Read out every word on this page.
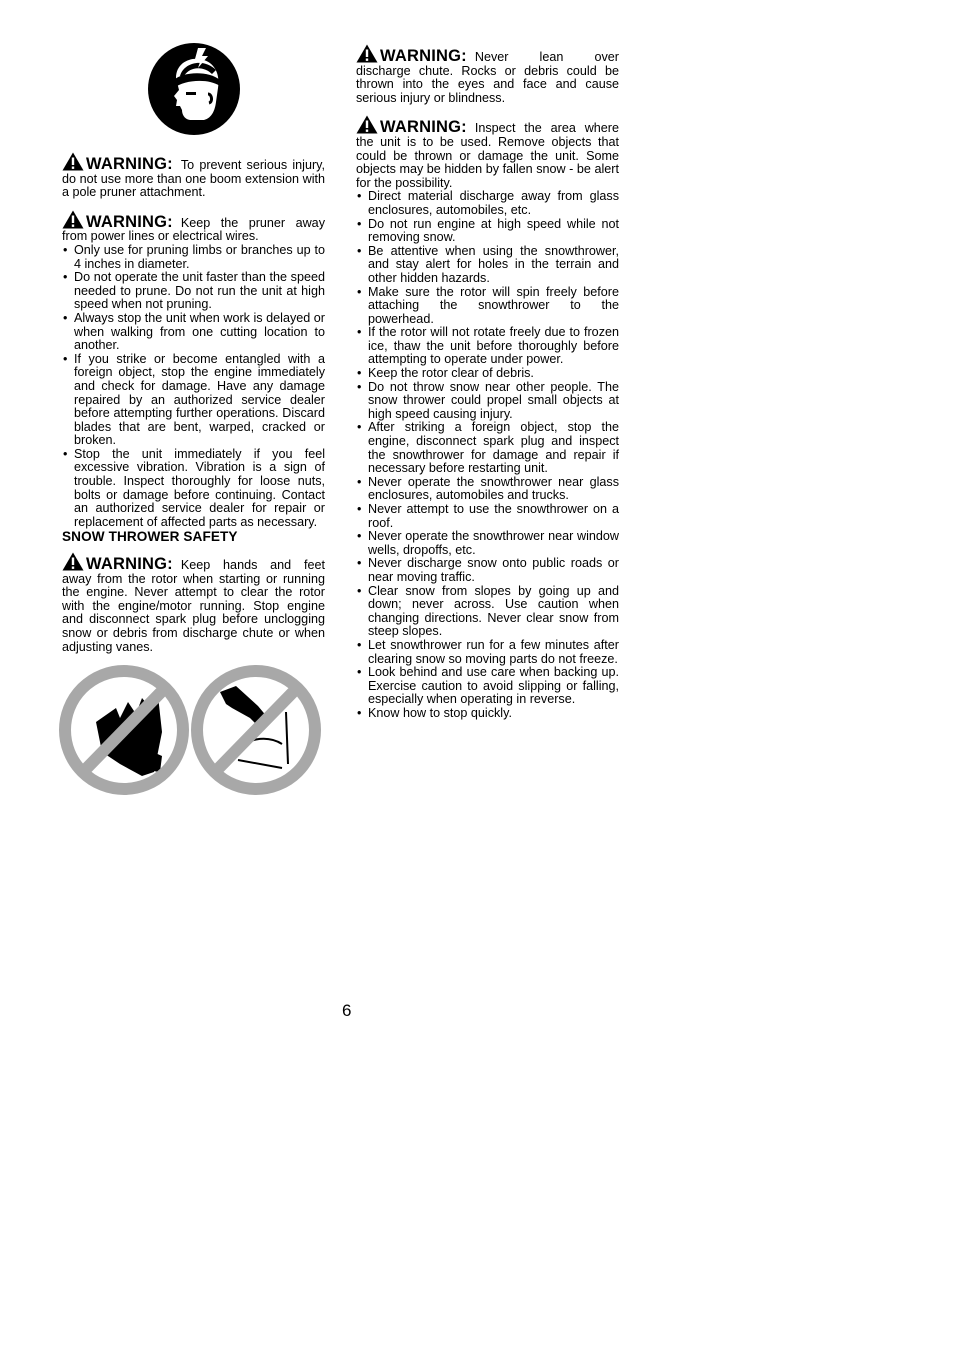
WARNING: To prevent serious injury, do not use more than one boom extension with a pole pruner attachment.

WARNING: Keep the pruner away from power lines or electrical wires.

• Only use for pruning limbs or branches up to 4 inches in diameter.
• Do not operate the unit faster than the speed needed to prune. Do not run the unit at high speed when not pruning.
• Always stop the unit when work is delayed or when walking from one cutting location to another.
• If you strike or become entangled with a foreign object, stop the engine immediately and check for damage. Have any damage repaired by an authorized service dealer before attempting further operations. Discard blades that are bent, warped, cracked or broken.
• Stop the unit immediately if you feel excessive vibration. Vibration is a sign of trouble. Inspect thoroughly for loose nuts, bolts or damage before continuing. Contact an authorized service dealer for repair or replacement of affected parts as necessary.
SNOW THROWER SAFETY

WARNING: Keep hands and feet away from the rotor when starting or running the engine. Never attempt to clear the rotor with the engine/motor running. Stop engine and disconnect spark plug before unclogging snow or debris from discharge chute or when adjusting vanes.

WARNING: Never lean over discharge chute. Rocks or debris could be thrown into the eyes and face and cause serious injury or blindness.

WARNING: Inspect the area where the unit is to be used. Remove objects that could be thrown or damage the unit. Some objects may be hidden by fallen snow - be alert for the possibility.

• Direct material discharge away from glass enclosures, automobiles, etc.
• Do not run engine at high speed while not removing snow.
• Be attentive when using the snowthrower, and stay alert for holes in the terrain and other hidden hazards.
• Make sure the rotor will spin freely before attaching the snowthrower to the powerhead.
• If the rotor will not rotate freely due to frozen ice, thaw the unit before thoroughly before attempting to operate under power.
• Keep the rotor clear of debris.
• Do not throw snow near other people. The snow thrower could propel small objects at high speed causing injury.
• After striking a foreign object, stop the engine, disconnect spark plug and inspect the snowthrower for damage and repair if necessary before restarting unit.
• Never operate the snowthrower near glass enclosures, automobiles and trucks.
• Never attempt to use the snowthrower on a roof.
• Never operate the snowthrower near window wells, dropoffs, etc.
• Never discharge snow onto public roads or near moving traffic.
• Clear snow from slopes by going up and down; never across. Use caution when changing directions. Never clear snow from steep slopes.
• Let snowthrower run for a few minutes after clearing snow so moving parts do not freeze.
• Look behind and use care when backing up. Exercise caution to avoid slipping or falling, especially when operating in reverse.
• Know how to stop quickly.
6
